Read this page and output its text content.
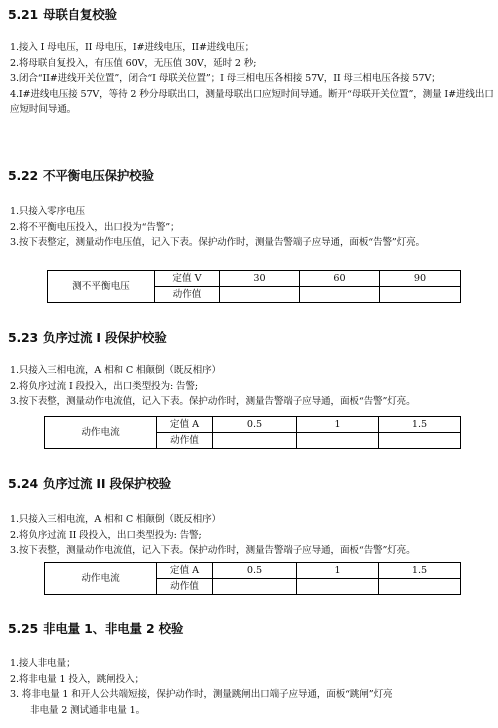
5.21 母联自复校验
1.接入 I 母电压，II 母电压，I#进线电压，II#进线电压；
2.将母联自复投入，有压值 60V，无压值 30V，延时 2 秒;
3.闭合“II#进线开关位置”，闭合“I 母联关位置”；I 母三相电压各相接 57V，II 母三相电压各接 57V；
4.I#进线电压接 57V，等待 2 秒分母联出口，测量母联出口应短时间导通。断开“母联开关位置”，测量 I#进线出口应短时间导通。
5.22 不平衡电压保护校验
1.只接入零序电压
2.将不平衡电压投入，出口投为“告警”；
3.按下表整定，测量动作电压值，记入下表。保护动作时，测量告警端子应导通，面板“告警”灯亮。
测不平衡电压	定值 V	30	60	90
	动作值			
5.23 负序过流 I 段保护校验
1.只接入三相电流，A 相和 C 相颠倒（既反相序）
2.将负序过流 I 段投入，出口类型投为: 告警;
3.按下表整，测量动作电流值，记入下表。保护动作时，测量告警端子应导通，面板“告警”灯亮。
动作电流	定值 A	0.5	1	1.5
	动作值			
5.24 负序过流 II 段保护校验
1.只接入三相电流，A 相和 C 相颠倒（既反相序）
2.将负序过流 II 段投入，出口类型投为: 告警;
3.按下表整，测量动作电流值，记入下表。保护动作时，测量告警端子应导通，面板“告警”灯亮。
动作电流	定值 A	0.5	1	1.5
	动作值			
5.25 非电量 1、非电量 2 校验
1.接人非电量；
2.将非电量 1 投入，跳闸投入；
3. 将非电量 1 和开人公共端短接，保护动作时，测量跳闸出口端子应导通，面板“跳闸”灯亮
非电量 2 测试通非电量 1。
